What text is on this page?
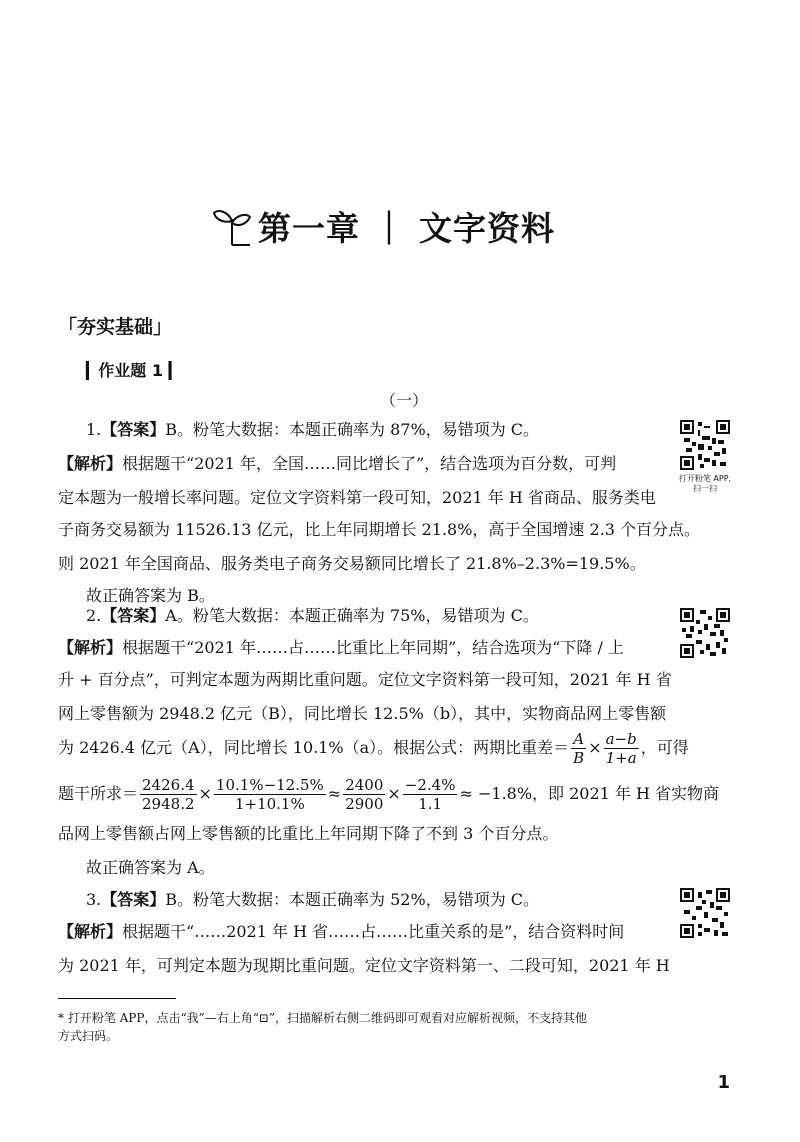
第一章 ｜ 文字资料
「夯实基础」
▎作业题 1 ▎
（一）
1.【答案】B。粉笔大数据：本题正确率为 87%，易错项为 C。
【解析】根据题干“2021 年，全国……同比增长了”，结合选项为百分数，可判
定本题为一般增长率问题。定位文字资料第一段可知，2021 年 H 省商品、服务类电
子商务交易额为 11526.13 亿元，比上年同期增长 21.8%，高于全国增速 2.3 个百分点。
则 2021 年全国商品、服务类电子商务交易额同比增长了 21.8%–2.3%=19.5%。
故正确答案为 B。
打开粉笔 APP,
扫一扫
2.【答案】A。粉笔大数据：本题正确率为 75%，易错项为 C。
【解析】根据题干“2021 年……占……比重比上年同期”，结合选项为“下降 / 上
升 + 百分点”，可判定本题为两期比重问题。定位文字资料第一段可知，2021 年 H 省
网上零售额为 2948.2 亿元（B），同比增长 12.5%（b），其中，实物商品网上零售额
为 2426.4 亿元（A），同比增长 10.1%（a）。根据公式：两期比重差＝ $\frac{A}{B} \times \frac{a-b}{1+a}$ ，可得
题干所求＝ $\frac{2426.4}{2948.2} \times \frac{10.1\%-12.5\%}{1+10.1\%} \approx \frac{2400}{2900} \times \frac{-2.4\%}{1.1} \approx -1.8\%$，即 2021 年 H 省实物商
品网上零售额占网上零售额的比重比上年同期下降了不到 3 个百分点。
故正确答案为 A。
3.【答案】B。粉笔大数据：本题正确率为 52%，易错项为 C。
【解析】根据题干“……2021 年 H 省……占……比重关系的是”，结合资料时间
为 2021 年，可判定本题为现期比重问题。定位文字资料第一、二段可知，2021 年 H
* 打开粉笔 APP，点击“我”—右上角“⊡”，扫描解析右侧二维码即可观看对应解析视频，不支持其他
方式扫码。
1
